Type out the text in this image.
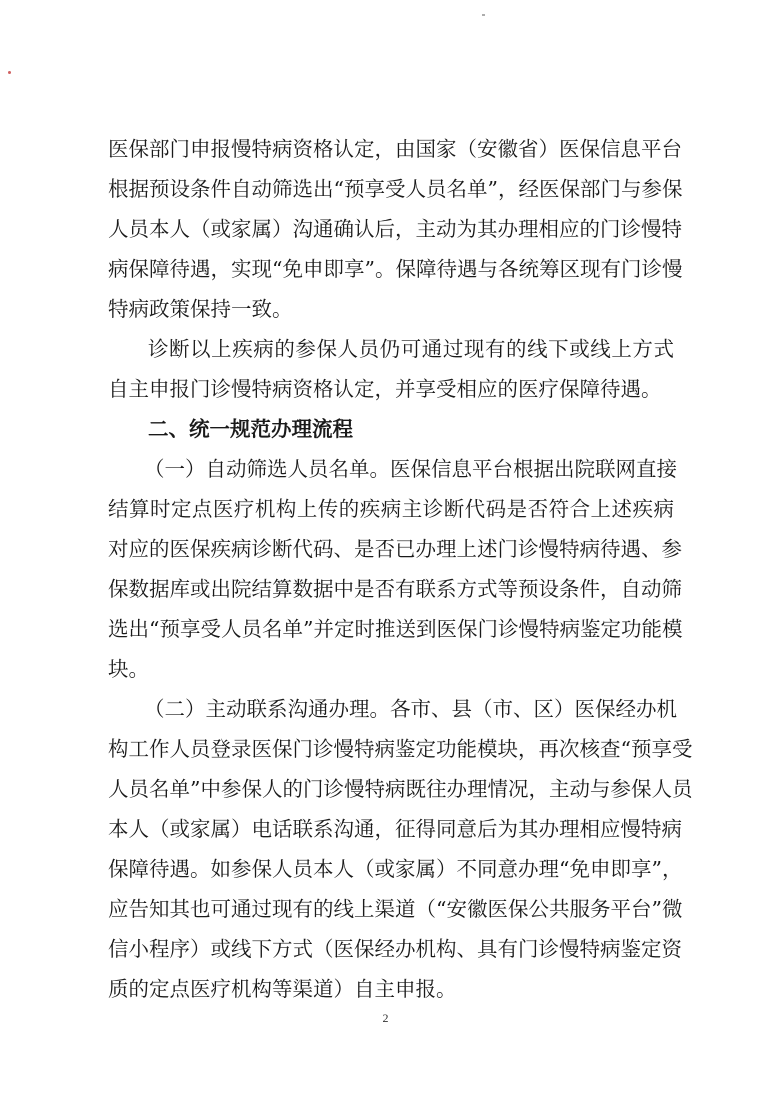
医保部门申报慢特病资格认定，由国家（安徽省）医保信息平台
根据预设条件自动筛选出“预享受人员名单”，经医保部门与参保
人员本人（或家属）沟通确认后，主动为其办理相应的门诊慢特
病保障待遇，实现“免申即享”。保障待遇与各统筹区现有门诊慢
特病政策保持一致。
诊断以上疾病的参保人员仍可通过现有的线下或线上方式
自主申报门诊慢特病资格认定，并享受相应的医疗保障待遇。
二、统一规范办理流程
（一）自动筛选人员名单。医保信息平台根据出院联网直接
结算时定点医疗机构上传的疾病主诊断代码是否符合上述疾病
对应的医保疾病诊断代码、是否已办理上述门诊慢特病待遇、参
保数据库或出院结算数据中是否有联系方式等预设条件，自动筛
选出“预享受人员名单”并定时推送到医保门诊慢特病鉴定功能模
块。
（二）主动联系沟通办理。各市、县（市、区）医保经办机
构工作人员登录医保门诊慢特病鉴定功能模块，再次核查“预享受
人员名单”中参保人的门诊慢特病既往办理情况，主动与参保人员
本人（或家属）电话联系沟通，征得同意后为其办理相应慢特病
保障待遇。如参保人员本人（或家属）不同意办理“免申即享”，
应告知其也可通过现有的线上渠道（“安徽医保公共服务平台”微
信小程序）或线下方式（医保经办机构、具有门诊慢特病鉴定资
质的定点医疗机构等渠道）自主申报。
2
